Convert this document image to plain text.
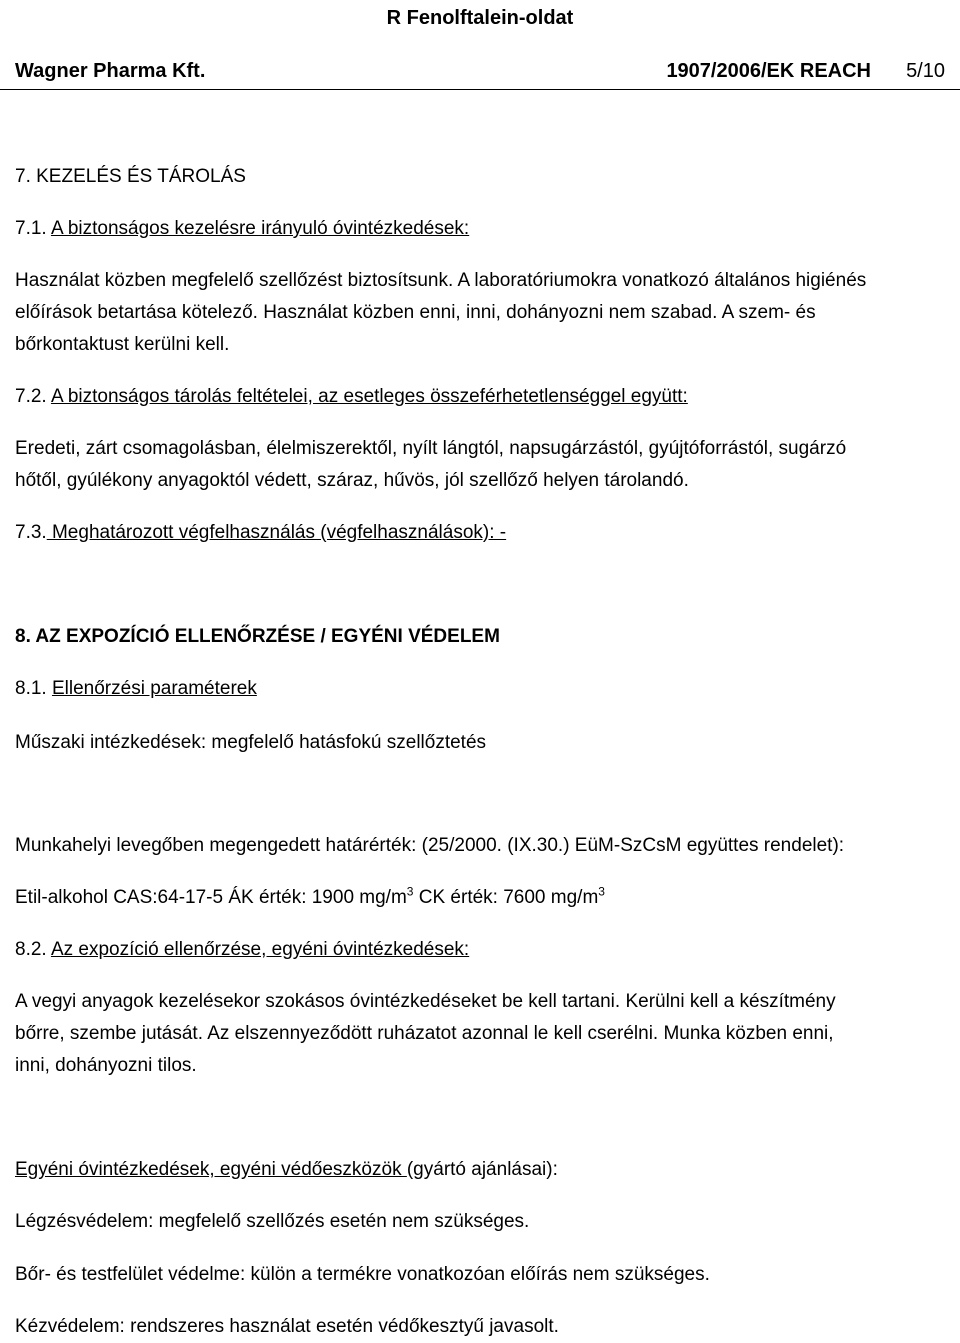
R Fenolftalein-oldat
Wagner Pharma Kft.	1907/2006/EK REACH 5/10
7. KEZELÉS ÉS TÁROLÁS
7.1. A biztonságos kezelésre irányuló óvintézkedések:
Használat közben megfelelő szellőzést biztosítsunk. A laboratóriumokra vonatkozó általános higiénés
előírások betartása kötelező. Használat közben enni, inni, dohányozni nem szabad. A szem- és
bőrkontaktust kerülni kell.
7.2. A biztonságos tárolás feltételei, az esetleges összeférhetetlenséggel együtt:
Eredeti, zárt csomagolásban, élelmiszerektől, nyílt lángtól, napsugárzástól, gyújtóforrástól, sugárzó
hőtől, gyúlékony anyagoktól védett, száraz, hűvös, jól szellőző helyen tárolandó.
7.3. Meghatározott végfelhasználás (végfelhasználások): -
8. AZ EXPOZÍCIÓ ELLENŐRZÉSE / EGYÉNI VÉDELEM
8.1. Ellenőrzési paraméterek
Műszaki intézkedések: megfelelő hatásfokú szellőztetés
Munkahelyi levegőben megengedett határérték: (25/2000. (IX.30.) EüM-SzCsM együttes rendelet):
Etil-alkohol CAS:64-17-5 ÁK érték: 1900 $mg/m^3$ CK érték: 7600 $mg/m^3$
8.2. Az expozíció ellenőrzése, egyéni óvintézkedések:
A vegyi anyagok kezelésekor szokásos óvintézkedéseket be kell tartani. Kerülni kell a készítmény
bőrre, szembe jutását. Az elszennyeződött ruházatot azonnal le kell cserélni. Munka közben enni,
inni, dohányozni tilos.
Egyéni óvintézkedések, egyéni védőeszközök (gyártó ajánlásai):
Légzésvédelem: megfelelő szellőzés esetén nem szükséges.
Bőr- és testfelület védelme: külön a termékre vonatkozóan előírás nem szükséges.
Kézvédelem: rendszeres használat esetén védőkesztyű javasolt.
